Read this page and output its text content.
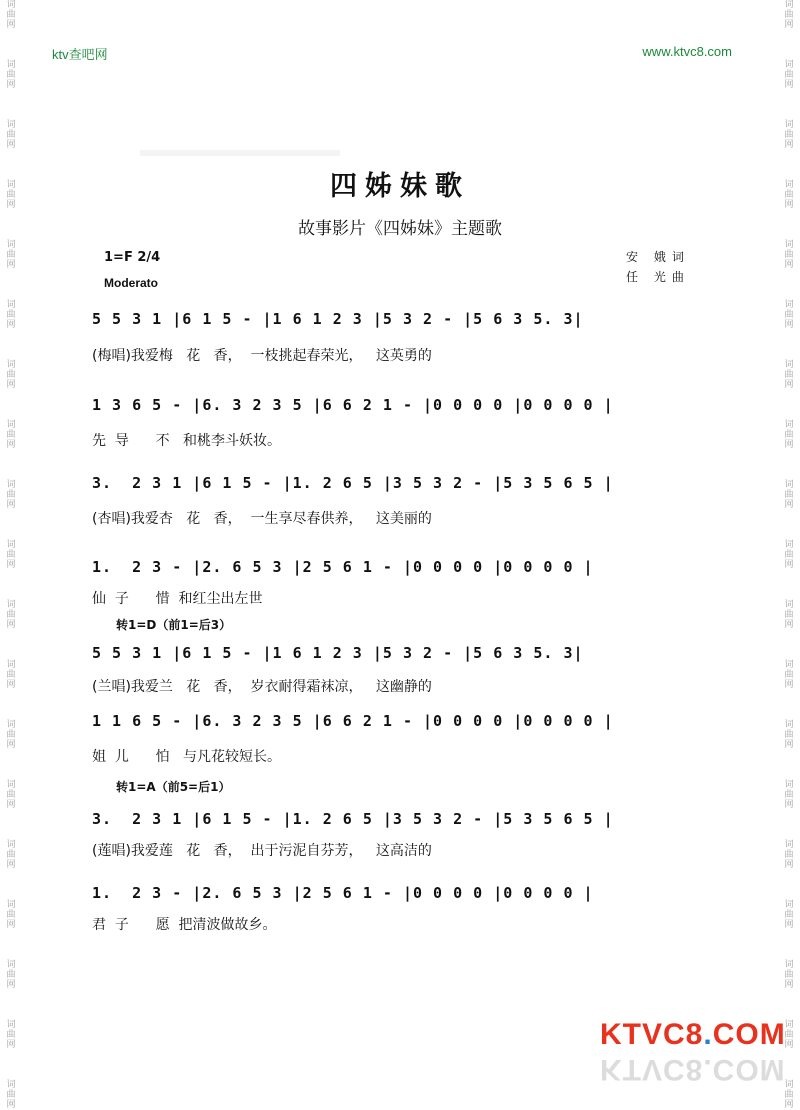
词
曲
网
词
曲
网
词
曲
网
词
曲
网
词
曲
网
词
曲
网
词
曲
网
词
曲
网
词
曲
网
词
曲
网
词
曲
网
词
曲
网
词
曲
网
词
曲
网
词
曲
网
词
曲
网
词
曲
网
词
曲
网
词
曲
网
词
曲
网
词
曲
网
词
曲
网
词
曲
网
词
曲
网
词
曲
网
词
曲
网
词
曲
网
词
曲
网
词
曲
网
词
曲
网
词
曲
网
词
曲
网
词
曲
网
词
曲
网
词
曲
网
词
曲
网
词
曲
网
词
曲
网
ktv查吧网	www.ktvc8.com
四姊妹歌
故事影片《四姊妹》主题歌
安 娥词
任 光曲
1=F 2/4
Moderato
5 5 3 1 |6 1 5 - |1 6 1 2 3 |5 3 2 - |5 6 3 5. 3|
(梅唱)我爱梅   花   香，  一枝挑起春荣光，   这英勇的
1 3 6 5 - |6. 3 2 3 5 |6 6 2 1 - |0 0 0 0 |0 0 0 0 |
先  导      不   和桃李斗妖妆。
3.  2 3 1 |6 1 5 - |1. 2 6 5 |3 5 3 2 - |5 3 5 6 5 |
(杏唱)我爱杏   花   香，  一生享尽春供养，   这美丽的
1.  2 3 - |2. 6 5 3 |2 5 6 1 - |0 0 0 0 |0 0 0 0 |
仙  子      惜  和红尘出左世
转1=D（前1=后3）
5 5 3 1 |6 1 5 - |1 6 1 2 3 |5 3 2 - |5 6 3 5. 3|
(兰唱)我爱兰   花   香，  岁衣耐得霜袜凉，   这幽静的
1 1 6 5 - |6. 3 2 3 5 |6 6 2 1 - |0 0 0 0 |0 0 0 0 |
姐  儿      怕   与凡花较短长。
转1=A（前5=后1）
3.  2 3 1 |6 1 5 - |1. 2 6 5 |3 5 3 2 - |5 3 5 6 5 |
(莲唱)我爱莲   花   香，  出于污泥自芬芳，   这高洁的
1.  2 3 - |2. 6 5 3 |2 5 6 1 - |0 0 0 0 |0 0 0 0 |
君  子      愿  把清波做故乡。
KTVC8.COM
KTVC8.COM
